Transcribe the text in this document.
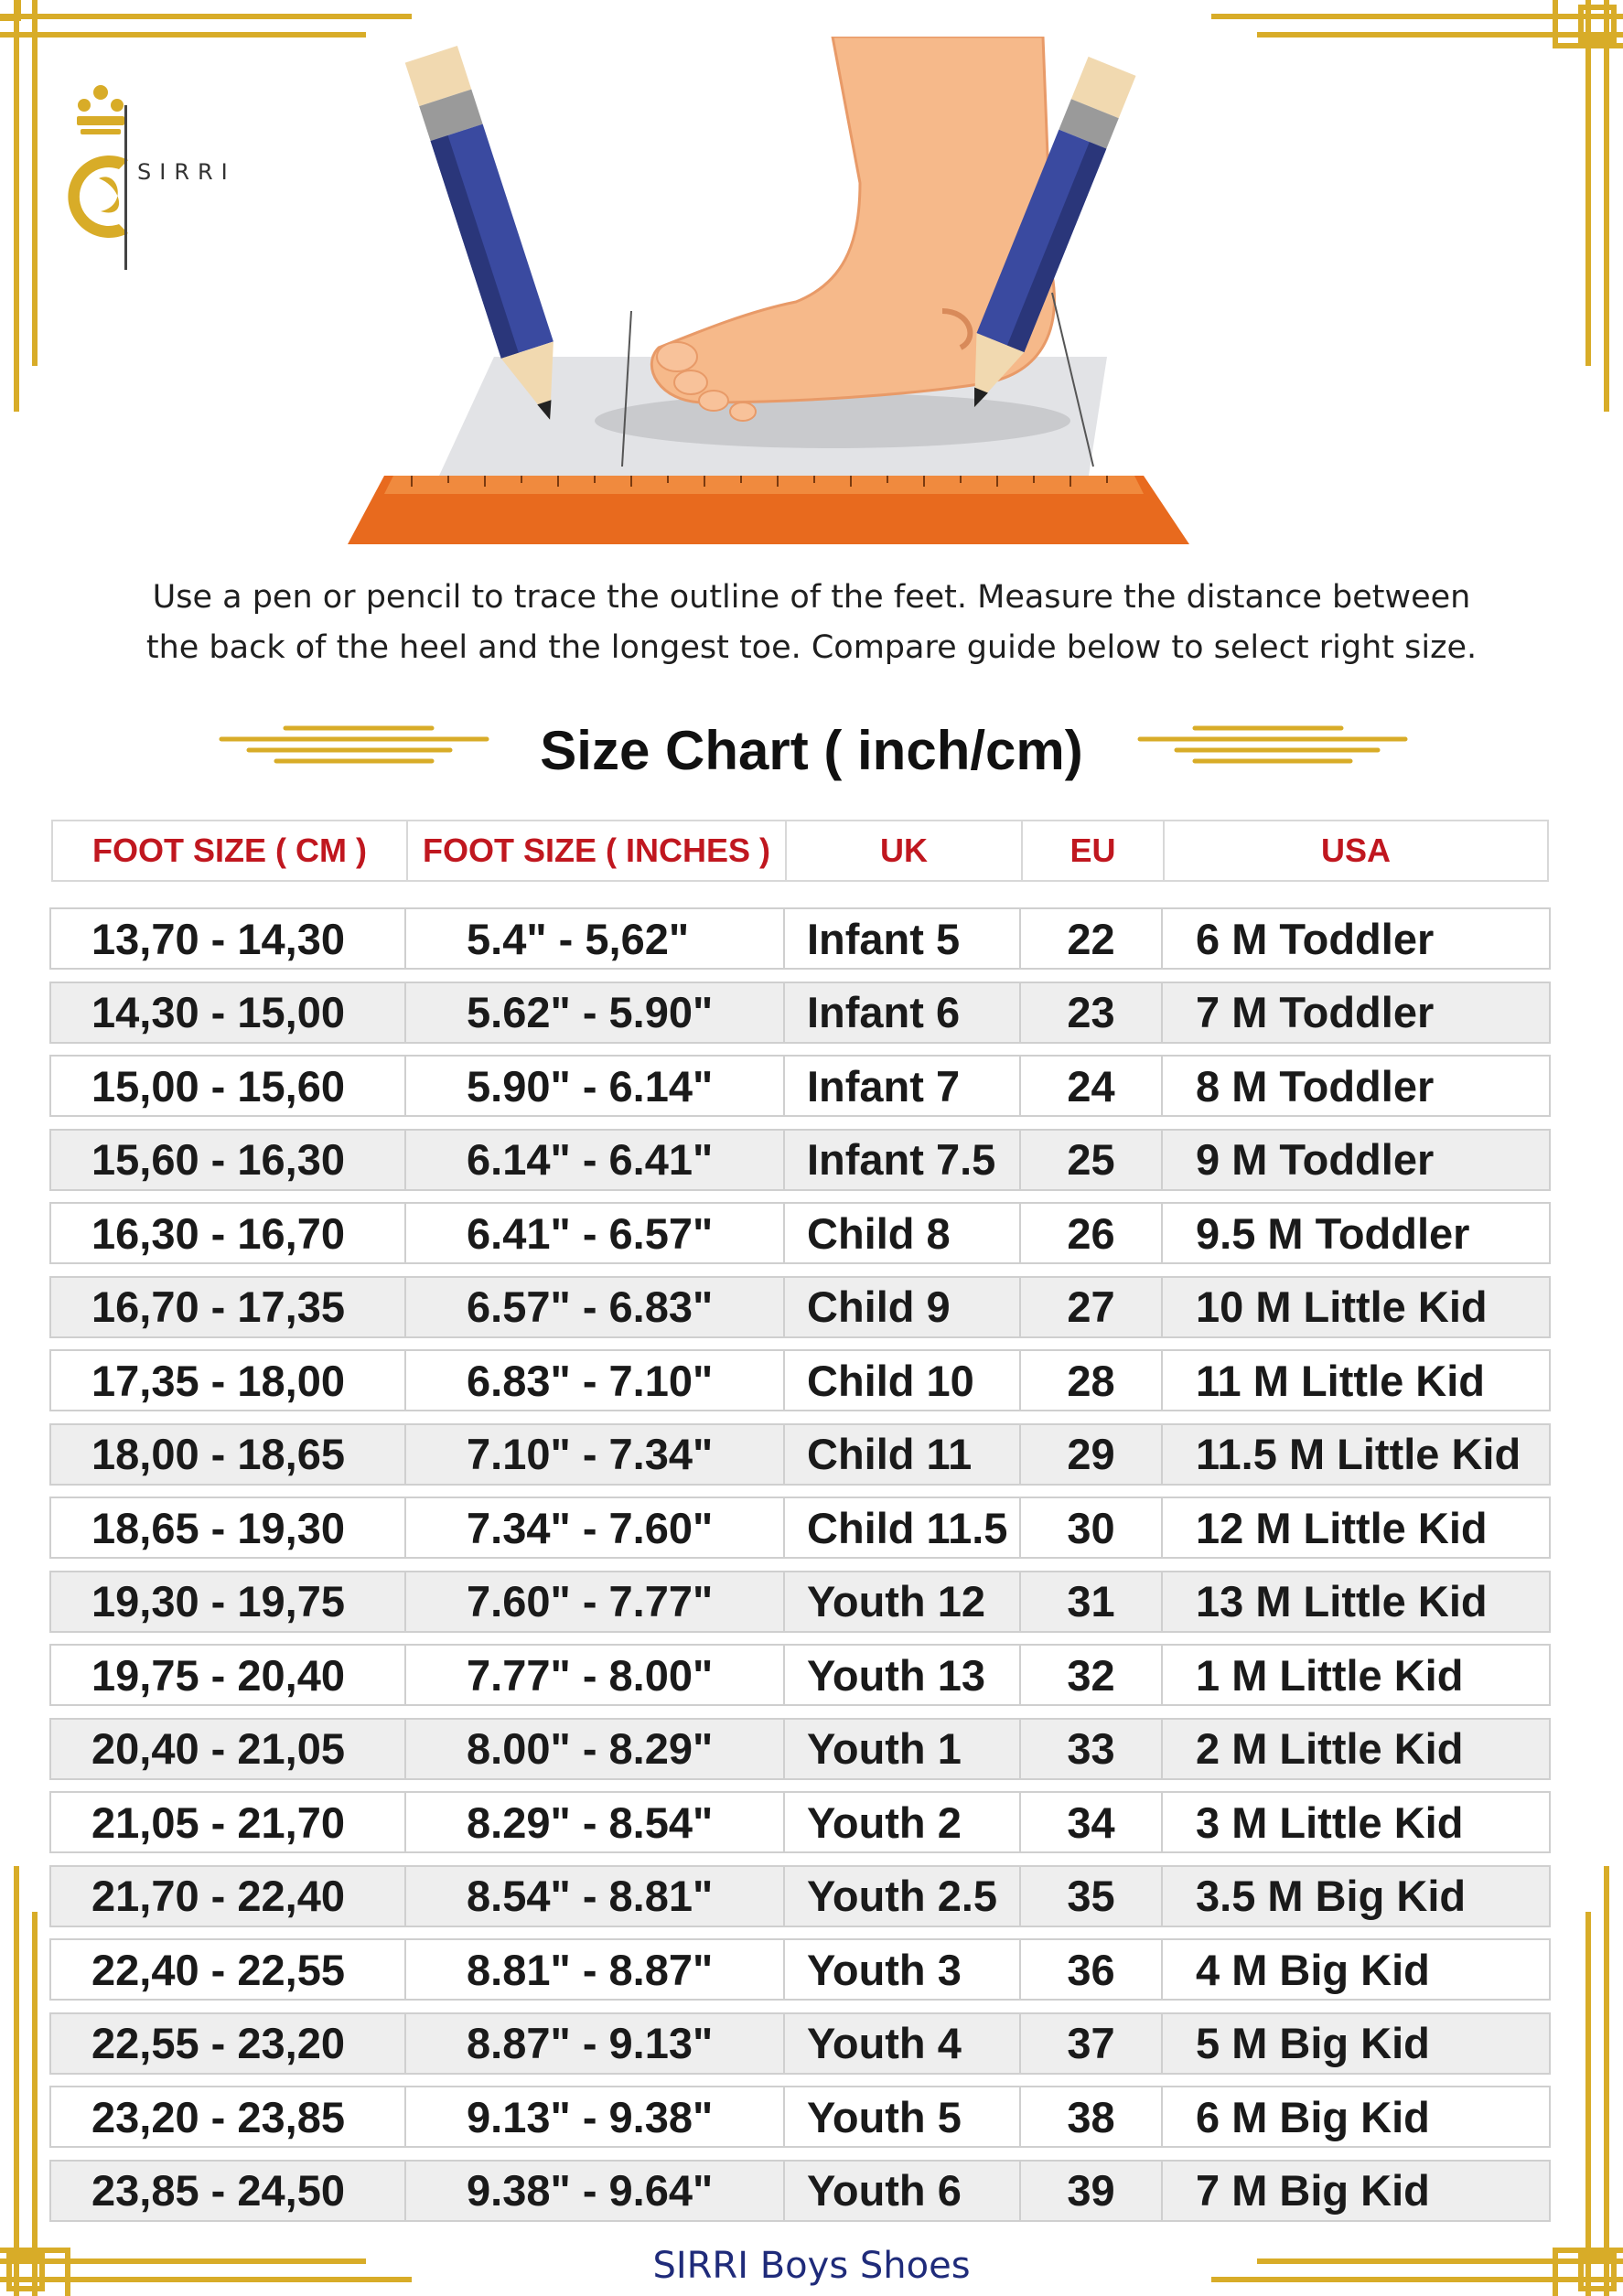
SIRRI
Use a pen or pencil to trace the outline of the feet. Measure the distance between
the back of the heel and the longest toe. Compare guide below to select right size.
Size Chart ( inch/cm)
FOOT SIZE ( CM )	FOOT SIZE ( INCHES )	UK	EU	USA
13,70 - 14,30	5.4" - 5,62"	Infant 5	22	6 M Toddler
14,30 - 15,00	5.62" - 5.90"	Infant 6	23	7 M Toddler
15,00 - 15,60	5.90" - 6.14"	Infant 7	24	8 M Toddler
15,60 - 16,30	6.14" - 6.41"	Infant 7.5	25	9 M Toddler
16,30 - 16,70	6.41" - 6.57"	Child 8	26	9.5 M Toddler
16,70 - 17,35	6.57" - 6.83"	Child 9	27	10 M Little Kid
17,35 - 18,00	6.83" - 7.10"	Child 10	28	11 M Little Kid
18,00 - 18,65	7.10" - 7.34"	Child 11	29	11.5 M Little Kid
18,65 - 19,30	7.34" - 7.60"	Child 11.5	30	12 M Little Kid
19,30 - 19,75	7.60" - 7.77"	Youth 12	31	13 M Little Kid
19,75 - 20,40	7.77" - 8.00"	Youth 13	32	1 M Little Kid
20,40 - 21,05	8.00" - 8.29"	Youth 1	33	2 M Little Kid
21,05 - 21,70	8.29" - 8.54"	Youth 2	34	3 M Little Kid
21,70 - 22,40	8.54" - 8.81"	Youth 2.5	35	3.5 M Big Kid
22,40 - 22,55	8.81" - 8.87"	Youth 3	36	4 M Big Kid
22,55 - 23,20	8.87" - 9.13"	Youth 4	37	5 M Big Kid
23,20 - 23,85	9.13" - 9.38"	Youth 5	38	6 M Big Kid
23,85 - 24,50	9.38" - 9.64"	Youth 6	39	7 M Big Kid
SIRRI Boys Shoes
